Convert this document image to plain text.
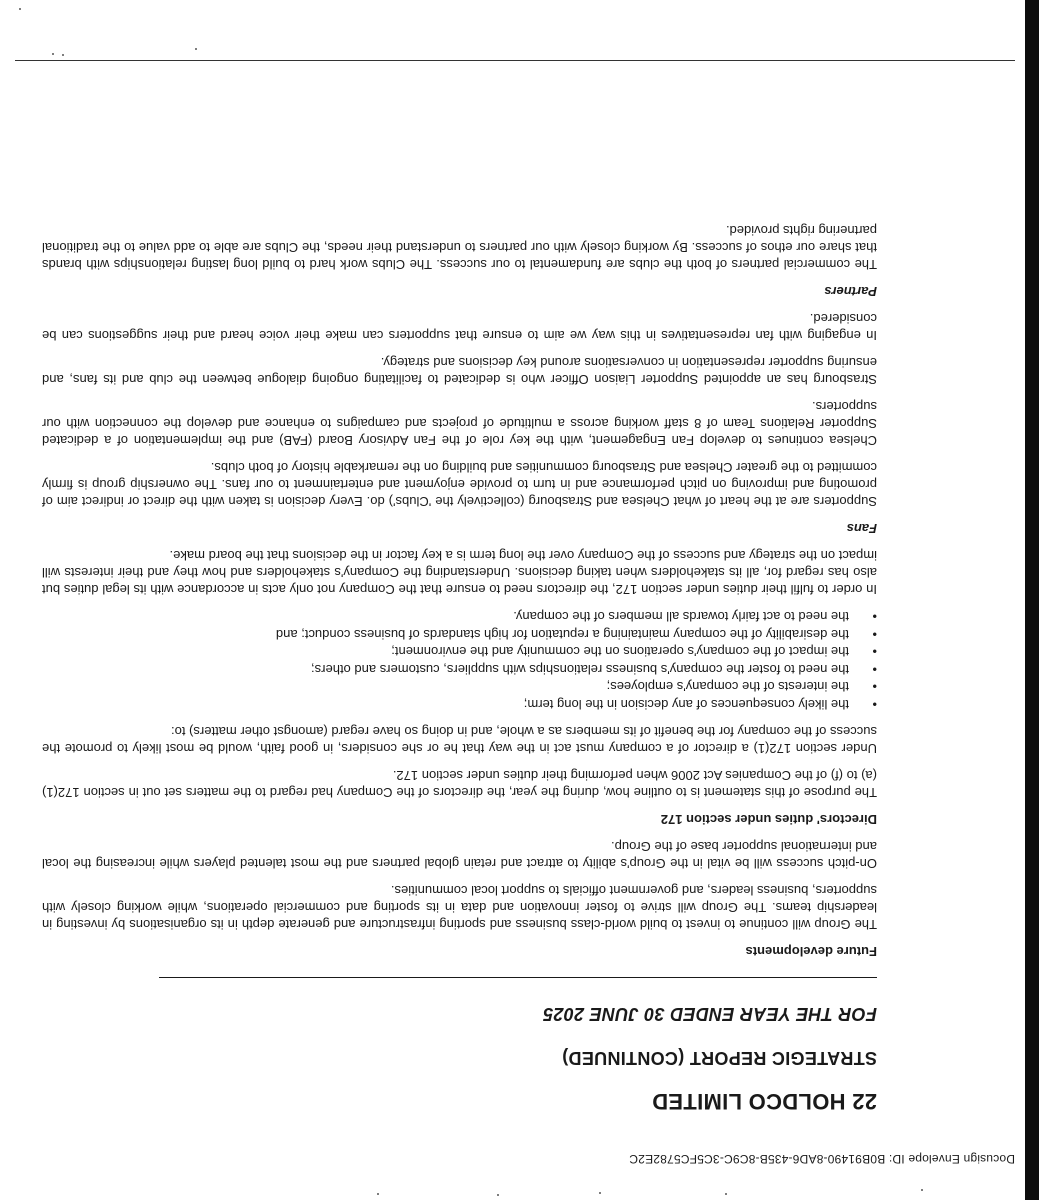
Docusign Envelope ID: B0B91490-8AD6-435B-8C9C-3C5FC5782E2C
22 HOLDCO LIMITED
STRATEGIC REPORT (CONTINUED)
FOR THE YEAR ENDED 30 JUNE 2025
Future developments

The Group will continue to invest to build world-class business and sporting infrastructure and generate depth in its organisations by investing in leadership teams. The Group will strive to foster innovation and data in its sporting and commercial operations, while working closely with supporters, business leaders, and government officials to support local communities.

On-pitch success will be vital in the Group's ability to attract and retain global partners and the most talented players while increasing the local and international supporter base of the Group.

Directors' duties under section 172

The purpose of this statement is to outline how, during the year, the directors of the Company had regard to the matters set out in section 172(1) (a) to (f) of the Companies Act 2006 when performing their duties under section 172.

Under section 172(1) a director of a company must act in the way that he or she considers, in good faith, would be most likely to promote the success of the company for the benefit of its members as a whole, and in doing so have regard (amongst other matters) to:

•
the likely consequences of any decision in the long term;
•
the interests of the company's employees;
•
the need to foster the company's business relationships with suppliers, customers and others;
•
the impact of the company's operations on the community and the environment;
•
the desirability of the company maintaining a reputation for high standards of business conduct; and
•
the need to act fairly towards all members of the company.

In order to fulfil their duties under section 172, the directors need to ensure that the Company not only acts in accordance with its legal duties but also has regard for, all its stakeholders when taking decisions. Understanding the Company's stakeholders and how they and their interests will impact on the strategy and success of the Company over the long term is a key factor in the decisions that the board make.

Fans

Supporters are at the heart of what Chelsea and Strasbourg (collectively the 'Clubs') do. Every decision is taken with the direct or indirect aim of promoting and improving on pitch performance and in turn to provide enjoyment and entertainment to our fans. The ownership group is firmly committed to the greater Chelsea and Strasbourg communities and building on the remarkable history of both clubs.

Chelsea continues to develop Fan Engagement, with the key role of the Fan Advisory Board (FAB) and the implementation of a dedicated Supporter Relations Team of 8 staff working across a multitude of projects and campaigns to enhance and develop the connection with our supporters.

Strasbourg has an appointed Supporter Liaison Officer who is dedicated to facilitating ongoing dialogue between the club and its fans, and ensuring supporter representation in conversations around key decisions and strategy.

In engaging with fan representatives in this way we aim to ensure that supporters can make their voice heard and their suggestions can be considered.

Partners

The commercial partners of both the clubs are fundamental to our success. The Clubs work hard to build long lasting relationships with brands that share our ethos of success. By working closely with our partners to understand their needs, the Clubs are able to add value to the traditional partnering rights provided.
